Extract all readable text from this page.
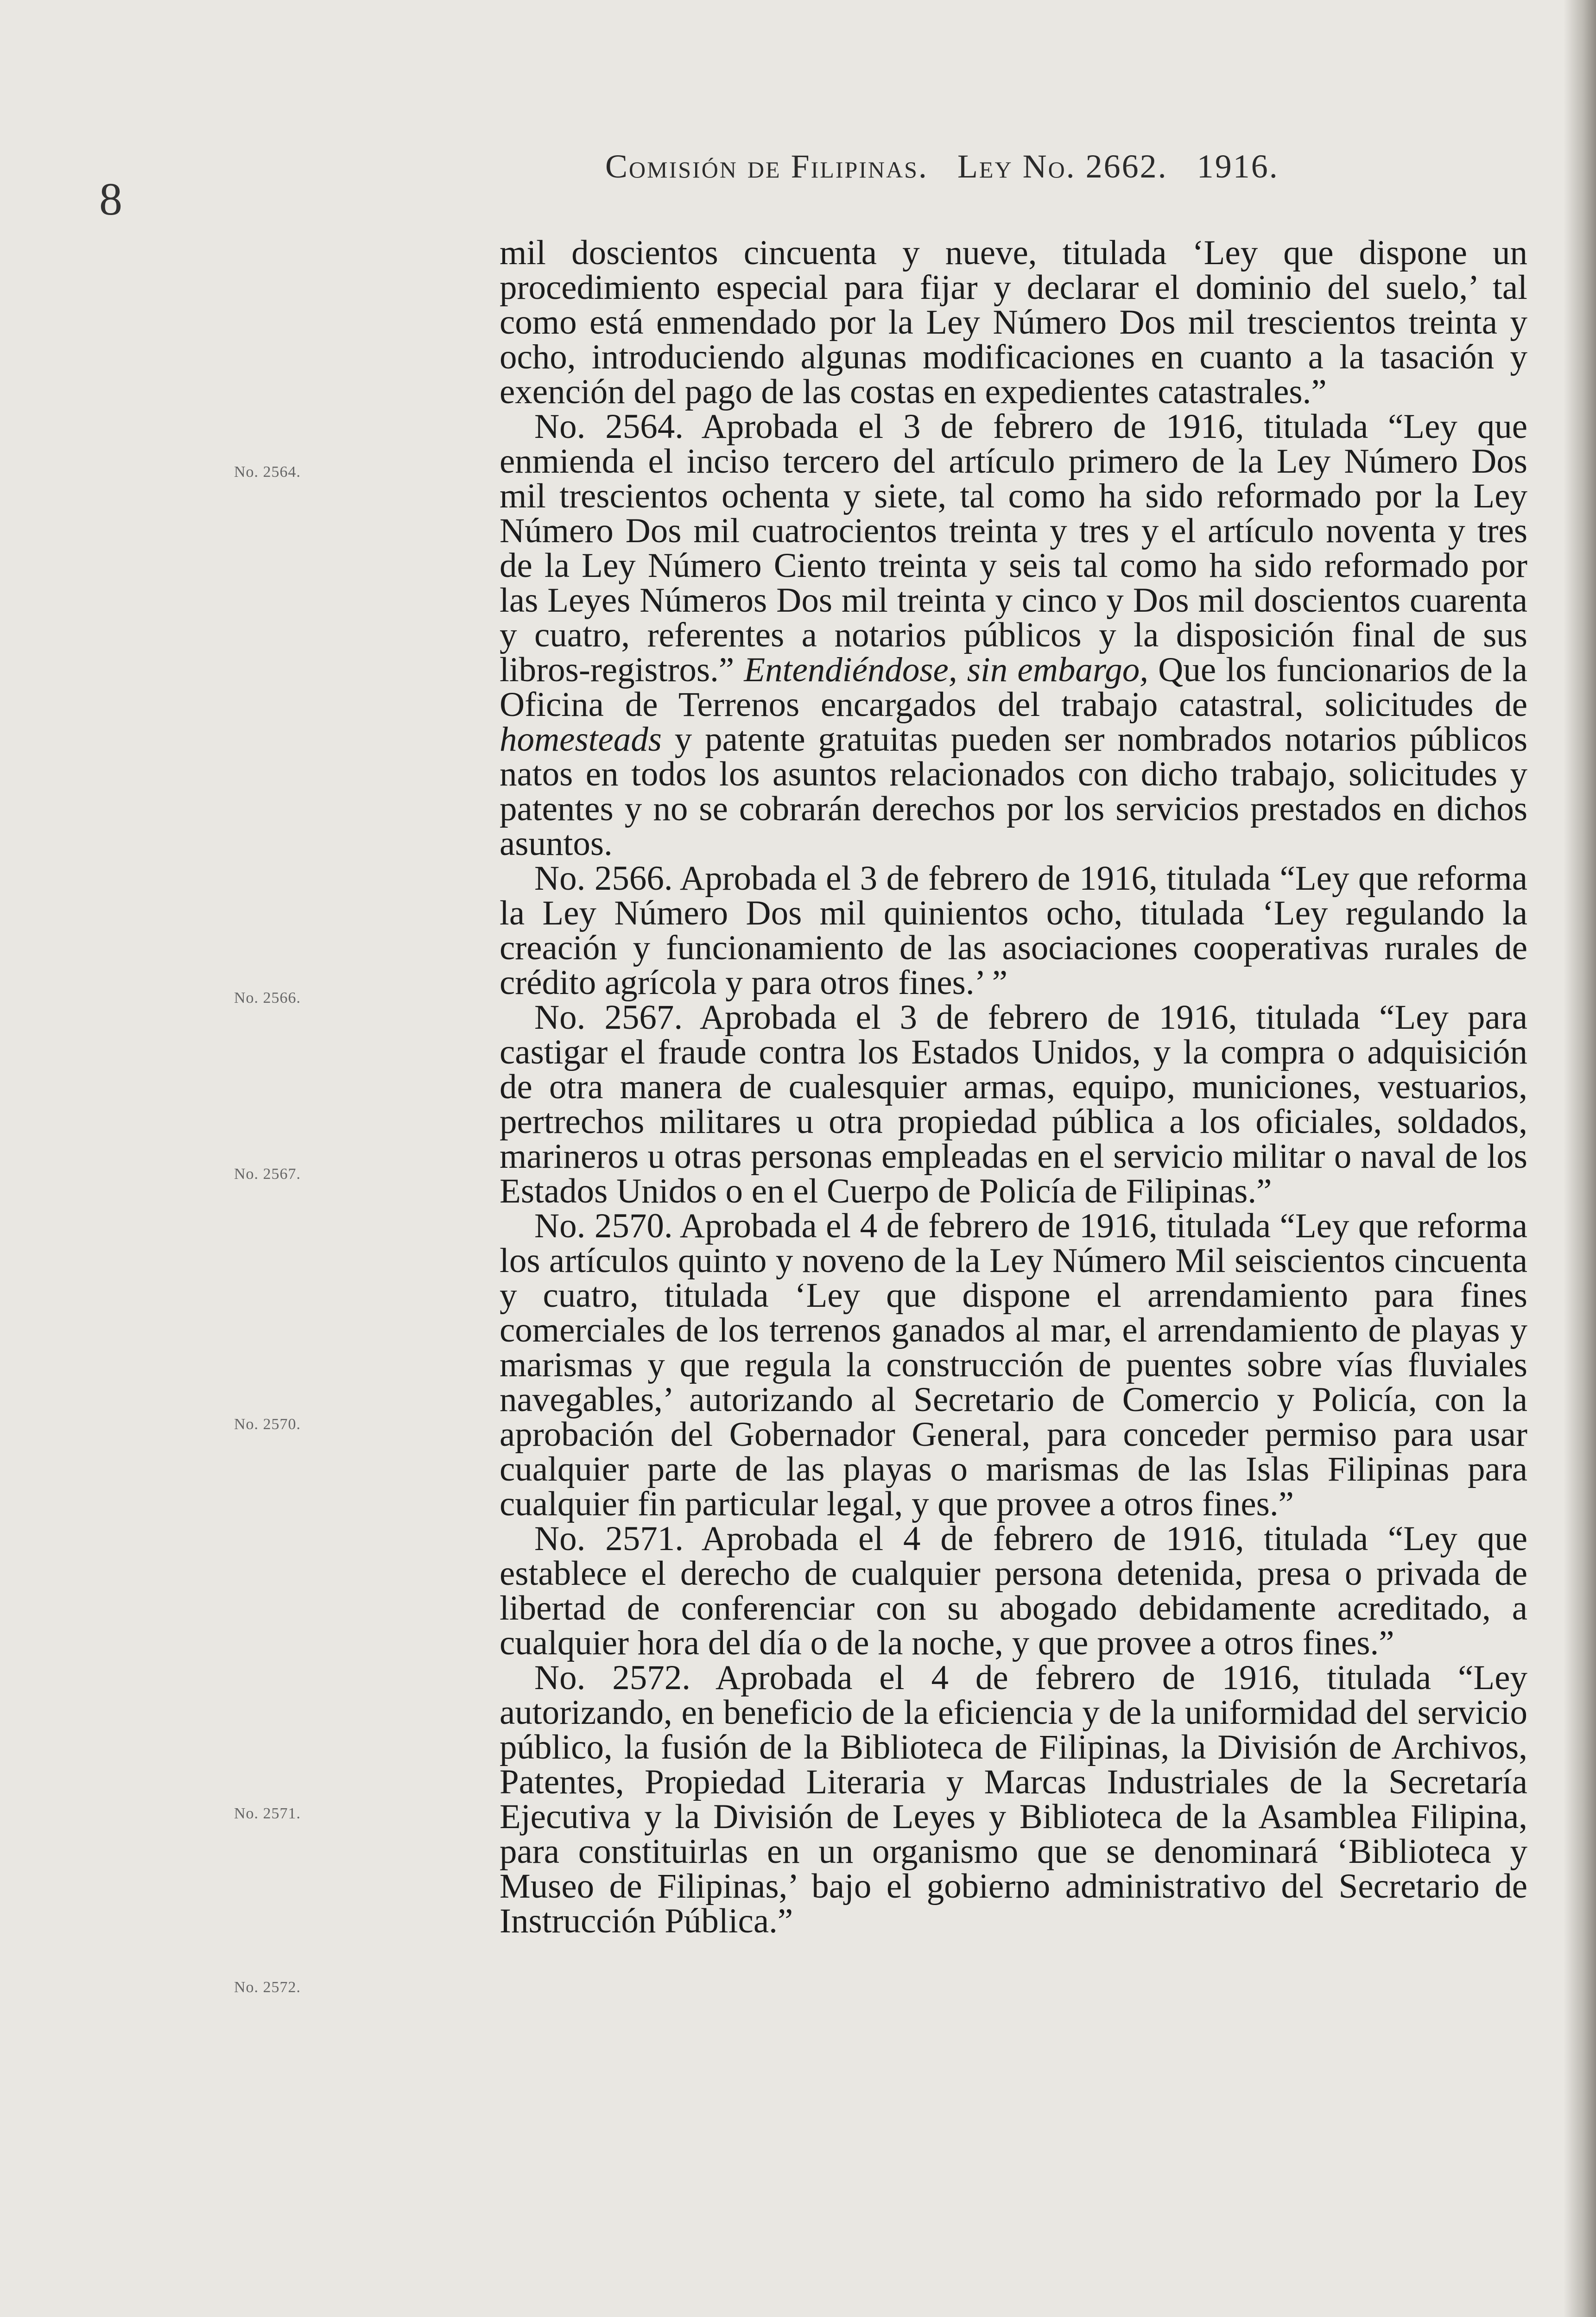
8
Comisión de Filipinas. Ley No. 2662. 1916.
No. 2564.
No. 2566.
No. 2567.
No. 2570.
No. 2571.
No. 2572.

mil doscientos cincuenta y nueve, titulada ‘Ley que dispone un procedimiento especial para fijar y declarar el dominio del suelo,’ tal como está enmendado por la Ley Número Dos mil trescientos treinta y ocho, introduciendo algunas modificaciones en cuanto a la tasación y exención del pago de las costas en expedientes catastrales.”

No. 2564. Aprobada el 3 de febrero de 1916, titulada “Ley que enmienda el inciso tercero del artículo primero de la Ley Número Dos mil trescientos ochenta y siete, tal como ha sido reformado por la Ley Número Dos mil cuatrocientos treinta y tres y el artículo noventa y tres de la Ley Número Ciento treinta y seis tal como ha sido reformado por las Leyes Números Dos mil treinta y cinco y Dos mil doscientos cuarenta y cuatro, referentes a notarios públicos y la disposición final de sus libros-registros.” Entendiéndose, sin embargo, Que los funcionarios de la Oficina de Terrenos encargados del trabajo catastral, solicitudes de homesteads y patente gratuitas pueden ser nombrados notarios públicos natos en todos los asuntos relacionados con dicho trabajo, solicitudes y patentes y no se cobrarán derechos por los servicios prestados en dichos asuntos.

No. 2566. Aprobada el 3 de febrero de 1916, titulada “Ley que reforma la Ley Número Dos mil quinientos ocho, titulada ‘Ley regulando la creación y funcionamiento de las asociaciones cooperativas rurales de crédito agrícola y para otros fines.’ ”

No. 2567. Aprobada el 3 de febrero de 1916, titulada “Ley para castigar el fraude contra los Estados Unidos, y la compra o adquisición de otra manera de cualesquier armas, equipo, municiones, vestuarios, pertrechos militares u otra propiedad pública a los oficiales, soldados, marineros u otras personas empleadas en el servicio militar o naval de los Estados Unidos o en el Cuerpo de Policía de Filipinas.”

No. 2570. Aprobada el 4 de febrero de 1916, titulada “Ley que reforma los artículos quinto y noveno de la Ley Número Mil seiscientos cincuenta y cuatro, titulada ‘Ley que dispone el arrendamiento para fines comerciales de los terrenos ganados al mar, el arrendamiento de playas y marismas y que regula la construcción de puentes sobre vías fluviales navegables,’ autorizando al Secretario de Comercio y Policía, con la aprobación del Gobernador General, para conceder permiso para usar cualquier parte de las playas o marismas de las Islas Filipinas para cualquier fin particular legal, y que provee a otros fines.”

No. 2571. Aprobada el 4 de febrero de 1916, titulada “Ley que establece el derecho de cualquier persona detenida, presa o privada de libertad de conferenciar con su abogado debidamente acreditado, a cualquier hora del día o de la noche, y que provee a otros fines.”

No. 2572. Aprobada el 4 de febrero de 1916, titulada “Ley autorizando, en beneficio de la eficiencia y de la uniformidad del servicio público, la fusión de la Biblioteca de Filipinas, la División de Archivos, Patentes, Propiedad Literaria y Marcas Industriales de la Secretaría Ejecutiva y la División de Leyes y Biblioteca de la Asamblea Filipina, para constituirlas en un organismo que se denominará ‘Biblioteca y Museo de Filipinas,’ bajo el gobierno administrativo del Secretario de Instrucción Pública.”
